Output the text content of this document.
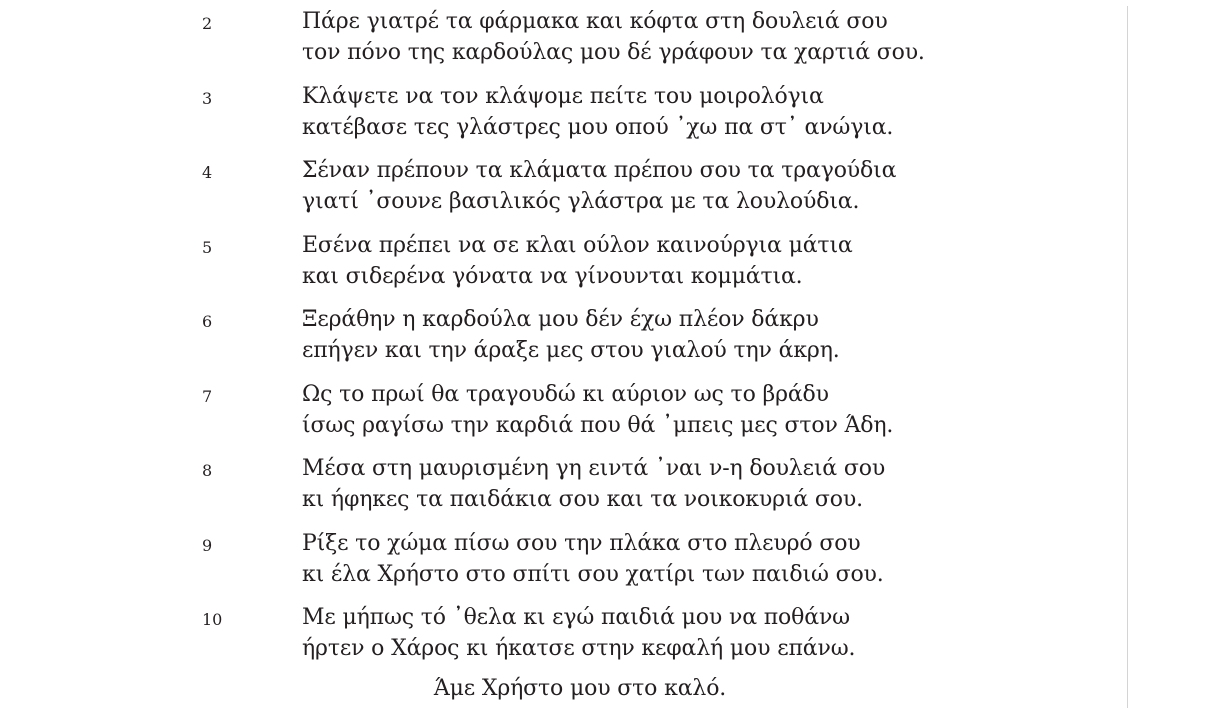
2	Πάρε γιατρέ τα φάρμακα και κόφτα στη δουλειά σου
τον πόνο της καρδούλας μου δέ γράφουν τα χαρτιά σου.
3	Κλάψετε να τον κλάψομε πείτε του μοιρολόγια
κατέβασε τες γλάστρες μου οπού ᾽χω πα στ᾽ ανώγια.
4	Σέναν πρέπουν τα κλάματα πρέπου σου τα τραγούδια
γιατί ᾽σουνε βασιλικός γλάστρα με τα λουλούδια.
5	Εσένα πρέπει να σε κλαι ούλον καινούργια μάτια
και σιδερένα γόνατα να γίνουνται κομμάτια.
6	Ξεράθην η καρδούλα μου δέν έχω πλέον δάκρυ
επήγεν και την άραξε μες στου γιαλού την άκρη.
7	Ως το πρωί θα τραγουδώ κι αύριον ως το βράδυ
ίσως ραγίσω την καρδιά που θά ᾽μπεις μες στον Άδη.
8	Μέσα στη μαυρισμένη γη ειντά ᾽ναι ν-η δουλειά σου
κι ήφηκες τα παιδάκια σου και τα νοικοκυριά σου.
9	Ρίξε το χώμα πίσω σου την πλάκα στο πλευρό σου
κι έλα Χρήστο στο σπίτι σου χατίρι των παιδιώ σου.
10	Με μήπως τό ᾽θελα κι εγώ παιδιά μου να ποθάνω
ήρτεν ο Χάρος κι ήκατσε στην κεφαλή μου επάνω.
Άμε Χρήστο μου στο καλό.
